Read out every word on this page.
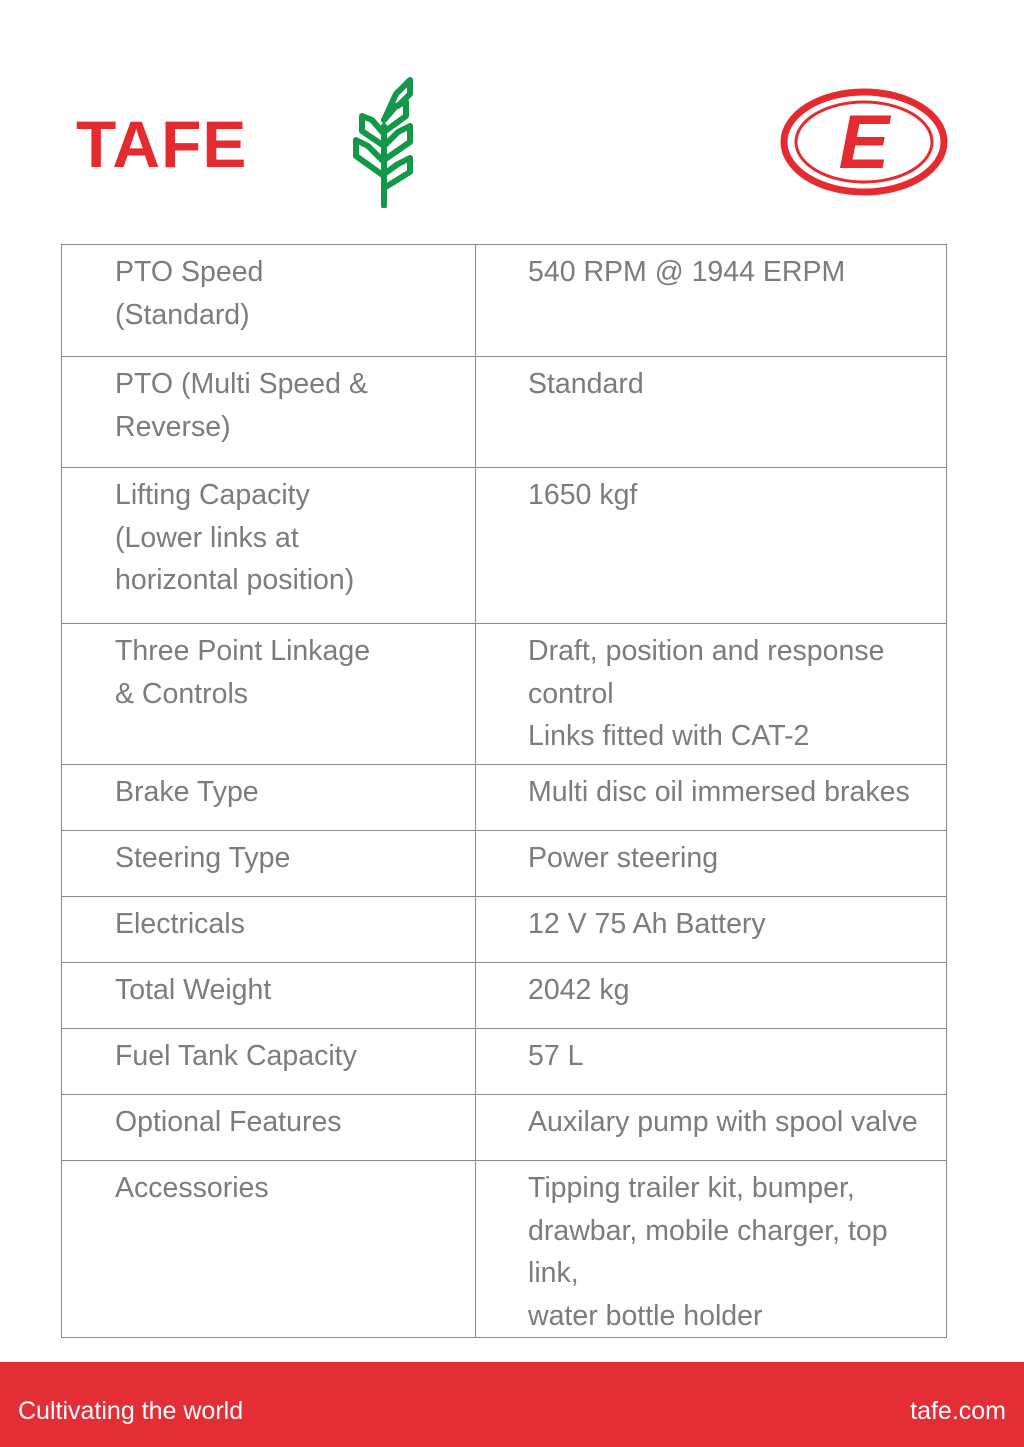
TAFE	E
PTO Speed
(Standard)	540 RPM @ 1944 ERPM

PTO (Multi Speed &
Reverse)	Standard

Lifting Capacity
(Lower links at
horizontal position)	1650 kgf

Three Point Linkage
& Controls	Draft, position and response
control
Links fitted with CAT-2

Brake Type	Multi disc oil immersed brakes

Steering Type	Power steering

Electricals	12 V 75 Ah Battery

Total Weight	2042 kg

Fuel Tank Capacity	57 L

Optional Features	Auxilary pump with spool valve

Accessories	Tipping trailer kit, bumper,
drawbar, mobile charger, top link,
water bottle holder
Cultivating the world	tafe.com
